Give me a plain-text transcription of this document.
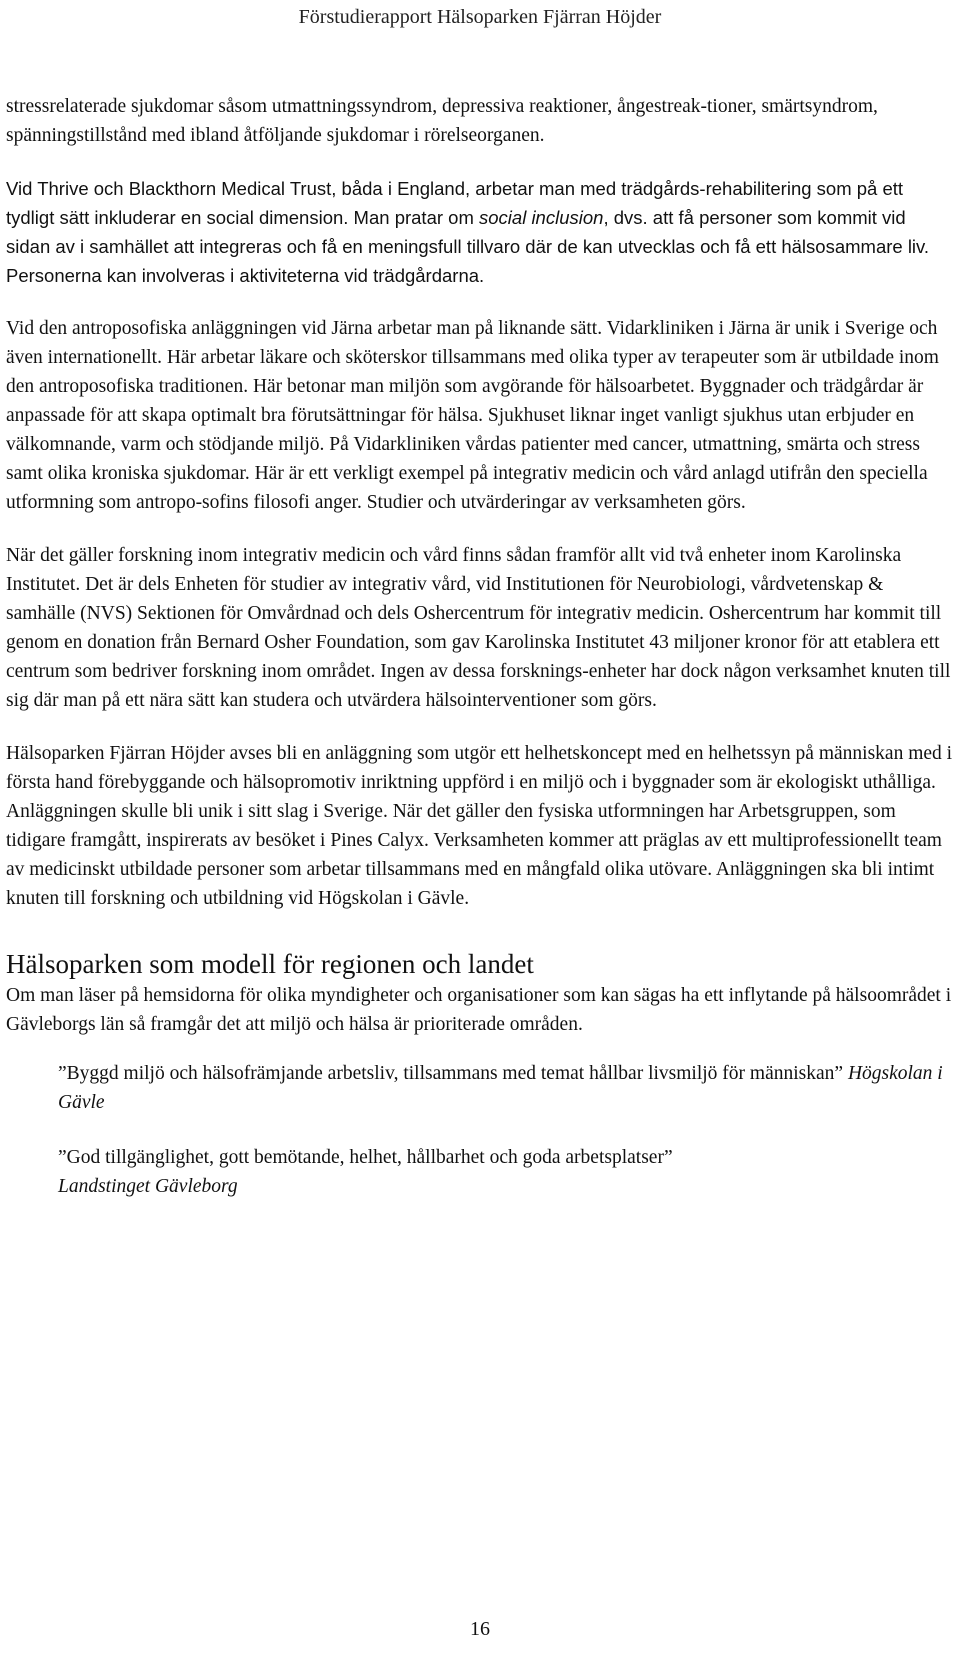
Förstudierapport Hälsoparken Fjärran Höjder

stressrelaterade sjukdomar såsom utmattningssyndrom, depressiva reaktioner, ångestreak-tioner, smärtsyndrom, spänningstillstånd med ibland åtföljande sjukdomar i rörelseorganen.

Vid Thrive och Blackthorn Medical Trust, båda i England, arbetar man med trädgårds-rehabilitering som på ett tydligt sätt inkluderar en social dimension. Man pratar om social inclusion, dvs. att få personer som kommit vid sidan av i samhället att integreras och få en meningsfull tillvaro där de kan utvecklas och få ett hälsosammare liv. Personerna kan involveras i aktiviteterna vid trädgårdarna.

Vid den antroposofiska anläggningen vid Järna arbetar man på liknande sätt. Vidarkliniken i Järna är unik i Sverige och även internationellt. Här arbetar läkare och sköterskor tillsammans med olika typer av terapeuter som är utbildade inom den antroposofiska traditionen. Här betonar man miljön som avgörande för hälsoarbetet. Byggnader och trädgårdar är anpassade för att skapa optimalt bra förutsättningar för hälsa. Sjukhuset liknar inget vanligt sjukhus utan erbjuder en välkomnande, varm och stödjande miljö. På Vidarkliniken vårdas patienter med cancer, utmattning, smärta och stress samt olika kroniska sjukdomar. Här är ett verkligt exempel på integrativ medicin och vård anlagd utifrån den speciella utformning som antropo-sofins filosofi anger. Studier och utvärderingar av verksamheten görs.

När det gäller forskning inom integrativ medicin och vård finns sådan framför allt vid två enheter inom Karolinska Institutet. Det är dels Enheten för studier av integrativ vård, vid Institutionen för Neurobiologi, vårdvetenskap & samhälle (NVS) Sektionen för Omvårdnad och dels Oshercentrum för integrativ medicin. Oshercentrum har kommit till genom en donation från Bernard Osher Foundation, som gav Karolinska Institutet 43 miljoner kronor för att etablera ett centrum som bedriver forskning inom området. Ingen av dessa forsknings-enheter har dock någon verksamhet knuten till sig där man på ett nära sätt kan studera och utvärdera hälsointerventioner som görs.

Hälsoparken Fjärran Höjder avses bli en anläggning som utgör ett helhetskoncept med en helhetssyn på människan med i första hand förebyggande och hälsopromotiv inriktning uppförd i en miljö och i byggnader som är ekologiskt uthålliga. Anläggningen skulle bli unik i sitt slag i Sverige. När det gäller den fysiska utformningen har Arbetsgruppen, som tidigare framgått, inspirerats av besöket i Pines Calyx. Verksamheten kommer att präglas av ett multiprofessionellt team av medicinskt utbildade personer som arbetar tillsammans med en mångfald olika utövare. Anläggningen ska bli intimt knuten till forskning och utbildning vid Högskolan i Gävle.

Hälsoparken som modell för regionen och landet

Om man läser på hemsidorna för olika myndigheter och organisationer som kan sägas ha ett inflytande på hälsoområdet i Gävleborgs län så framgår det att miljö och hälsa är prioriterade områden.

”Byggd miljö och hälsofrämjande arbetsliv, tillsammans med temat hållbar livsmiljö för människan” Högskolan i Gävle

”God tillgänglighet, gott bemötande, helhet, hållbarhet och goda arbetsplatser”
Landstinget Gävleborg

16
